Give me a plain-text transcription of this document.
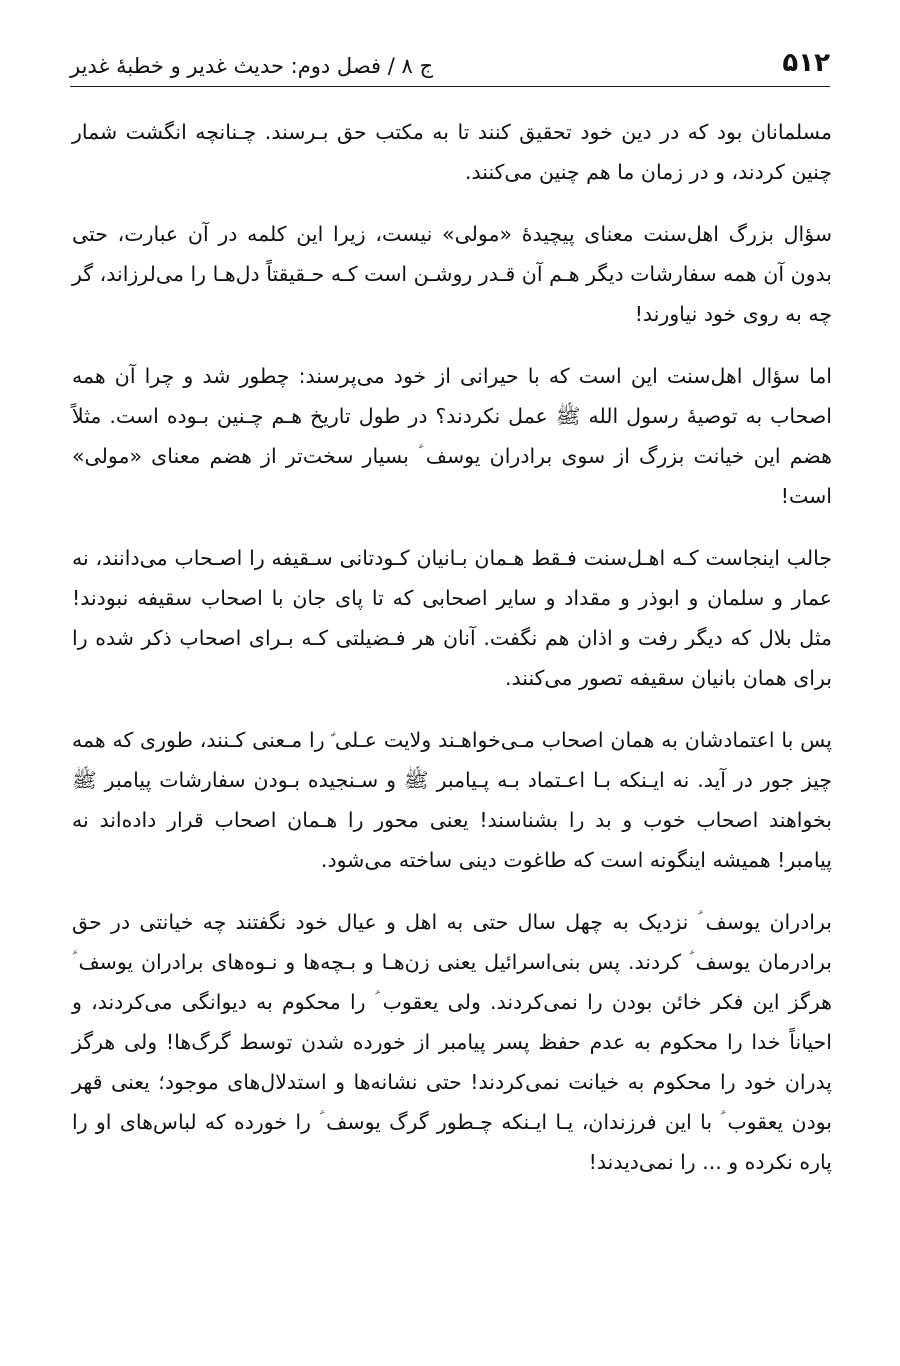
۵۱۲
ج ۸ / فصل دوم: حدیث غدیر و خطبهٔ غدیر

مسلمانان بود که در دین خود تحقیق کنند تا به مکتب حق بـرسند. چـنانچه انگشت شمار چنین کردند، و در زمان ما هم چنین می‌کنند.

سؤال بزرگ اهل‌سنت معنای پیچیدهٔ «مولی» نیست، زیرا این کلمه در آن عبارت، حتی بدون آن همه سفارشات دیگر هـم آن قـدر روشـن است کـه حـقیقتاً دل‌هـا را می‌لرزاند، گر چه به روی خود نیاورند!

اما سؤال اهل‌سنت این است که با حیرانی از خود می‌پرسند: چطور شد و چرا آن همه اصحاب به توصیهٔ رسول الله ﷺ عمل نکردند؟ در طول تاریخ هـم چـنین بـوده است. مثلاً هضم این خیانت بزرگ از سوی برادران یوسف ؑ بسیار سخت‌تر از هضم معنای «مولی» است!

جالب اینجاست کـه اهـل‌سنت فـقط هـمان بـانیان کـودتانی سـقیفه را اصـحاب می‌دانند، نه عمار و سلمان و ابوذر و مقداد و سایر اصحابی که تا پای جان با اصحاب سقیفه نبودند! مثل بلال که دیگر رفت و اذان هم نگفت. آنان هر فـضیلتی کـه بـرای اصحاب ذکر شده را برای همان بانیان سقیفه تصور می‌کنند.

پس با اعتمادشان به همان اصحاب مـی‌خواهـند ولایت عـلی ؑ را مـعنی کـنند، طوری که همه چیز جور در آید. نه ایـنکه بـا اعـتماد بـه پـیامبر ﷺ و سـنجیده بـودن سفارشات پیامبر ﷺ بخواهند اصحاب خوب و بد را بشناسند! یعنی محور را هـمان اصحاب قرار داده‌اند نه پیامبر! همیشه اینگونه است که طاغوت دینی ساخته می‌شود.

برادران یوسف ؑ نزدیک به چهل سال حتی به اهل و عیال خود نگفتند چه خیانتی در حق برادرمان یوسف ؑ کردند. پس بنی‌اسرائیل یعنی زن‌هـا و بـچه‌ها و نـوه‌های برادران یوسف ؑ هرگز این فکر خائن بودن را نمی‌کردند. ولی یعقوب ؑ را محکوم به دیوانگی می‌کردند، و احیاناً خدا را محکوم به عدم حفظ پسر پیامبر از خورده شدن توسط گرگ‌ها! ولی هرگز پدران خود را محکوم به خیانت نمی‌کردند! حتی نشانه‌ها و استدلال‌های موجود؛ یعنی قهر بودن یعقوب ؑ با این فرزندان، یـا ایـنکه چـطور گرگ یوسف ؑ را خورده که لباس‌های او را پاره نکرده و ... را نمی‌دیدند!
